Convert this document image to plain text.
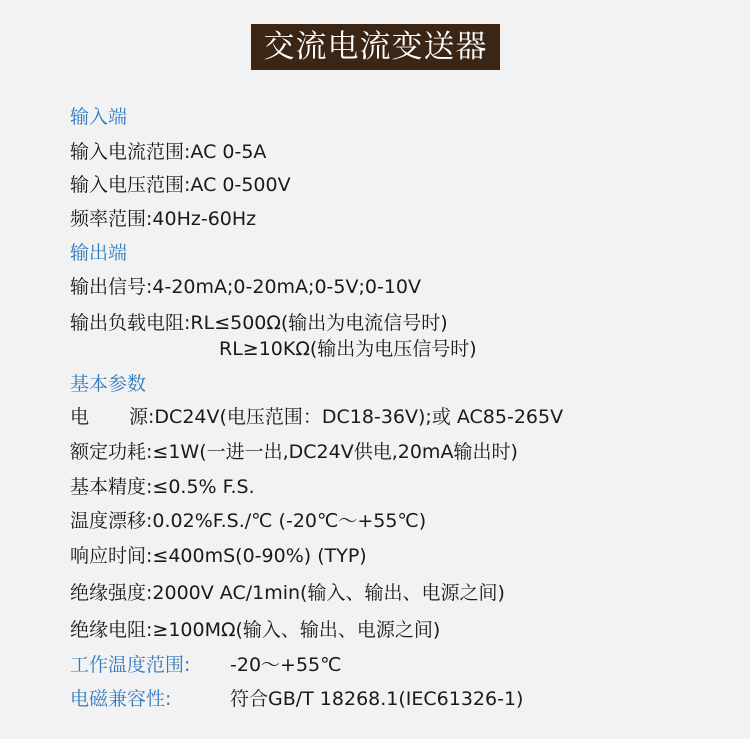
交流电流变送器
输入端
输入电流范围:AC 0-5A
输入电压范围:AC 0-500V
频率范围:40Hz-60Hz
输出端
输出信号:4-20mA;0-20mA;0-5V;0-10V
输出负载电阻:RL≤500Ω(输出为电流信号时)
RL≥10KΩ(输出为电压信号时)
基本参数
电 源:DC24V(电压范围：DC18-36V);或 AC85-265V
额定功耗:≤1W(一进一出,DC24V供电,20mA输出时)
基本精度:≤0.5% F.S.
温度漂移:0.02%F.S./℃ (-20℃～+55℃)
响应时间:≤400mS(0-90%) (TYP)
绝缘强度:2000V AC/1min(输入、输出、电源之间)
绝缘电阻:≥100MΩ(输入、输出、电源之间)
工作温度范围: -20～+55℃
电磁兼容性:	符合GB/T 18268.1(IEC61326-1)
